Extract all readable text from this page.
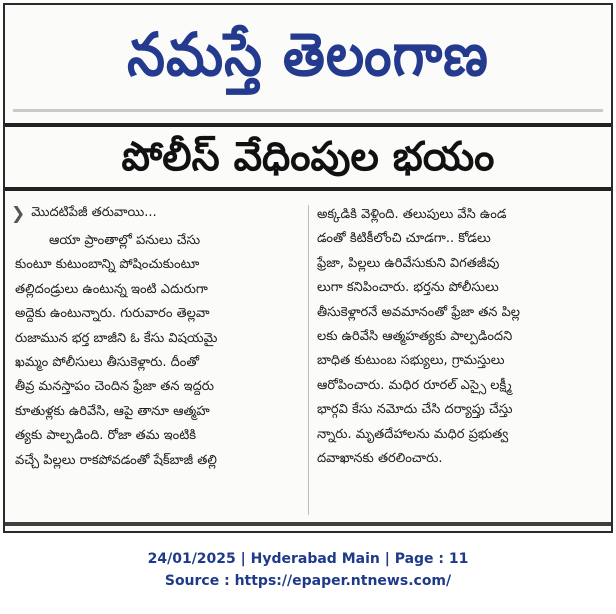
నమస్తే తెలంగాణ
పోలీస్ వేధింపుల భయం
❯ మొదటిపేజీ తరువాయి...
ఆయా ప్రాంతాల్లో పనులు చేసు
కుంటూ కుటుంబాన్ని పోషించుకుంటూ
తల్లిదండ్రులు ఉంటున్న ఇంటి ఎదురుగా
అద్దెకు ఉంటున్నారు. గురువారం తెల్లవా
రుజామున భర్త బాజీని ఓ కేసు విషయమై
ఖమ్మం పోలీసులు తీసుకెళ్లారు. దీంతో
తీవ్ర మనస్తాపం చెందిన ఫ్రేజా తన ఇద్దరు
కూతుళ్లకు ఉరివేసి, ఆపై తానూ ఆత్మహ
త్యకు పాల్పడింది. రోజా తమ ఇంటికి
వచ్చే పిల్లలు రాకపోవడంతో షేక్‌బాజీ తల్లి
అక్కడికి వెళ్లింది. తలుపులు వేసి ఉండ
డంతో కిటికీలోంచి చూడగా.. కోడలు
ఫ్రేజా, పిల్లలు ఉరివేసుకుని విగతజీవు
లుగా కనిపించారు. భర్తను పోలీసులు
తీసుకెళ్లారనే అవమానంతో ఫ్రేజా తన పిల్ల
లకు ఉరివేసి ఆత్మహత్యకు పాల్పడిందని
బాధిత కుటుంబ సభ్యులు, గ్రామస్తులు
ఆరోపించారు. మధిర రూరల్ ఎస్సై లక్ష్మీ
భార్గవి కేసు నమోదు చేసి దర్యాప్తు చేస్తు
న్నారు. మృతదేహాలను మధిర ప్రభుత్వ
దవాఖానకు తరలించారు.
24/01/2025 | Hyderabad Main | Page : 11
Source : https://epaper.ntnews.com/
